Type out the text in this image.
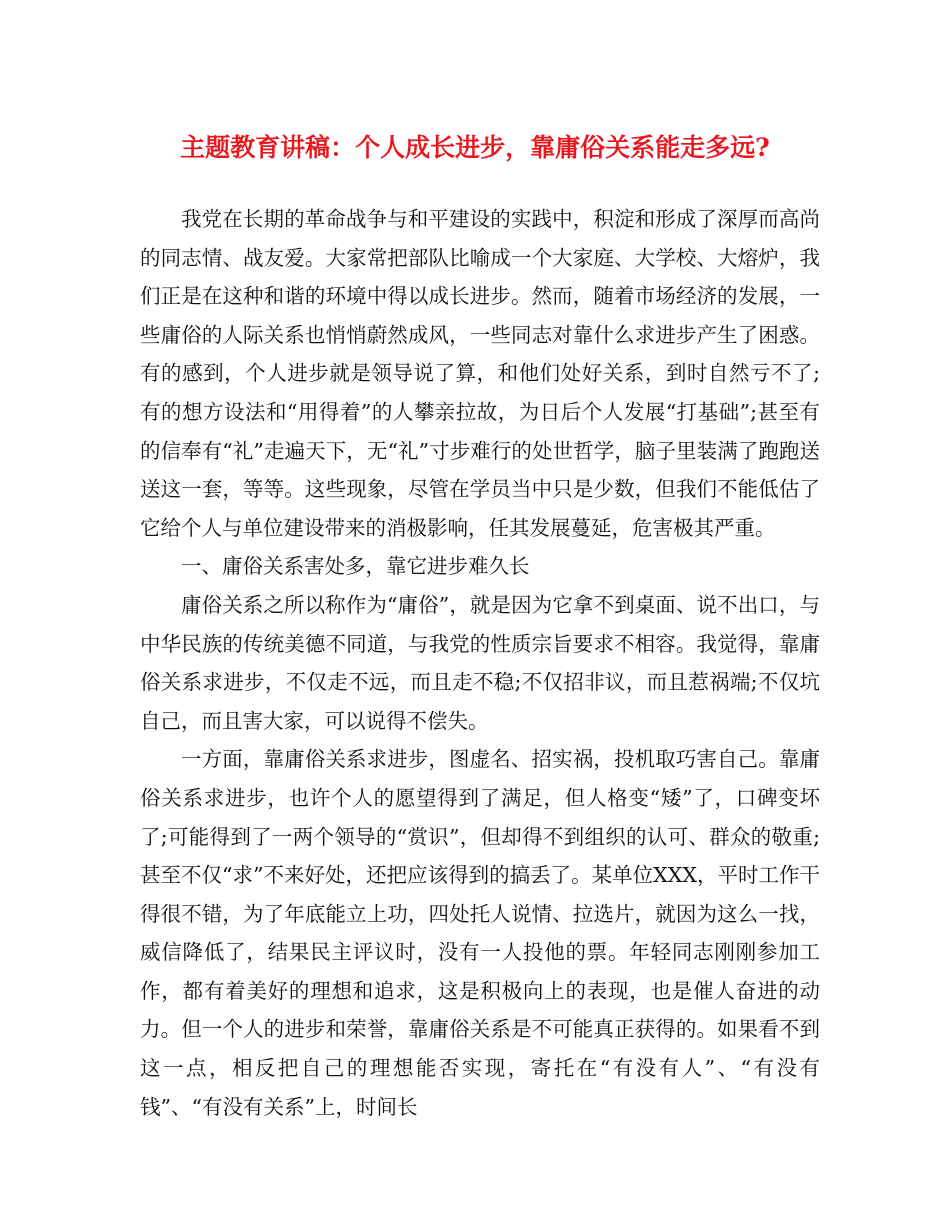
主题教育讲稿：个人成长进步，靠庸俗关系能走多远?

我党在长期的革命战争与和平建设的实践中，积淀和形成了深厚而高尚的同志情、战友爱。大家常把部队比喻成一个大家庭、大学校、大熔炉，我们正是在这种和谐的环境中得以成长进步。然而，随着市场经济的发展，一些庸俗的人际关系也悄悄蔚然成风，一些同志对靠什么求进步产生了困惑。有的感到，个人进步就是领导说了算，和他们处好关系，到时自然亏不了;有的想方设法和“用得着”的人攀亲拉故，为日后个人发展“打基础”;甚至有的信奉有“礼”走遍天下，无“礼”寸步难行的处世哲学，脑子里装满了跑跑送送这一套，等等。这些现象，尽管在学员当中只是少数，但我们不能低估了它给个人与单位建设带来的消极影响，任其发展蔓延，危害极其严重。

一、庸俗关系害处多，靠它进步难久长

庸俗关系之所以称作为“庸俗”，就是因为它拿不到桌面、说不出口，与中华民族的传统美德不同道，与我党的性质宗旨要求不相容。我觉得，靠庸俗关系求进步，不仅走不远，而且走不稳;不仅招非议，而且惹祸端;不仅坑自己，而且害大家，可以说得不偿失。

一方面，靠庸俗关系求进步，图虚名、招实祸，投机取巧害自己。靠庸俗关系求进步，也许个人的愿望得到了满足，但人格变“矮”了，口碑变坏了;可能得到了一两个领导的“赏识”，但却得不到组织的认可、群众的敬重;甚至不仅“求”不来好处，还把应该得到的搞丢了。某单位XXX，平时工作干得很不错，为了年底能立上功，四处托人说情、拉选片，就因为这么一找，威信降低了，结果民主评议时，没有一人投他的票。年轻同志刚刚参加工作，都有着美好的理想和追求，这是积极向上的表现，也是催人奋进的动力。但一个人的进步和荣誉，靠庸俗关系是不可能真正获得的。如果看不到这一点，相反把自己的理想能否实现，寄托在“有没有人”、“有没有钱”、“有没有关系”上，时间长
